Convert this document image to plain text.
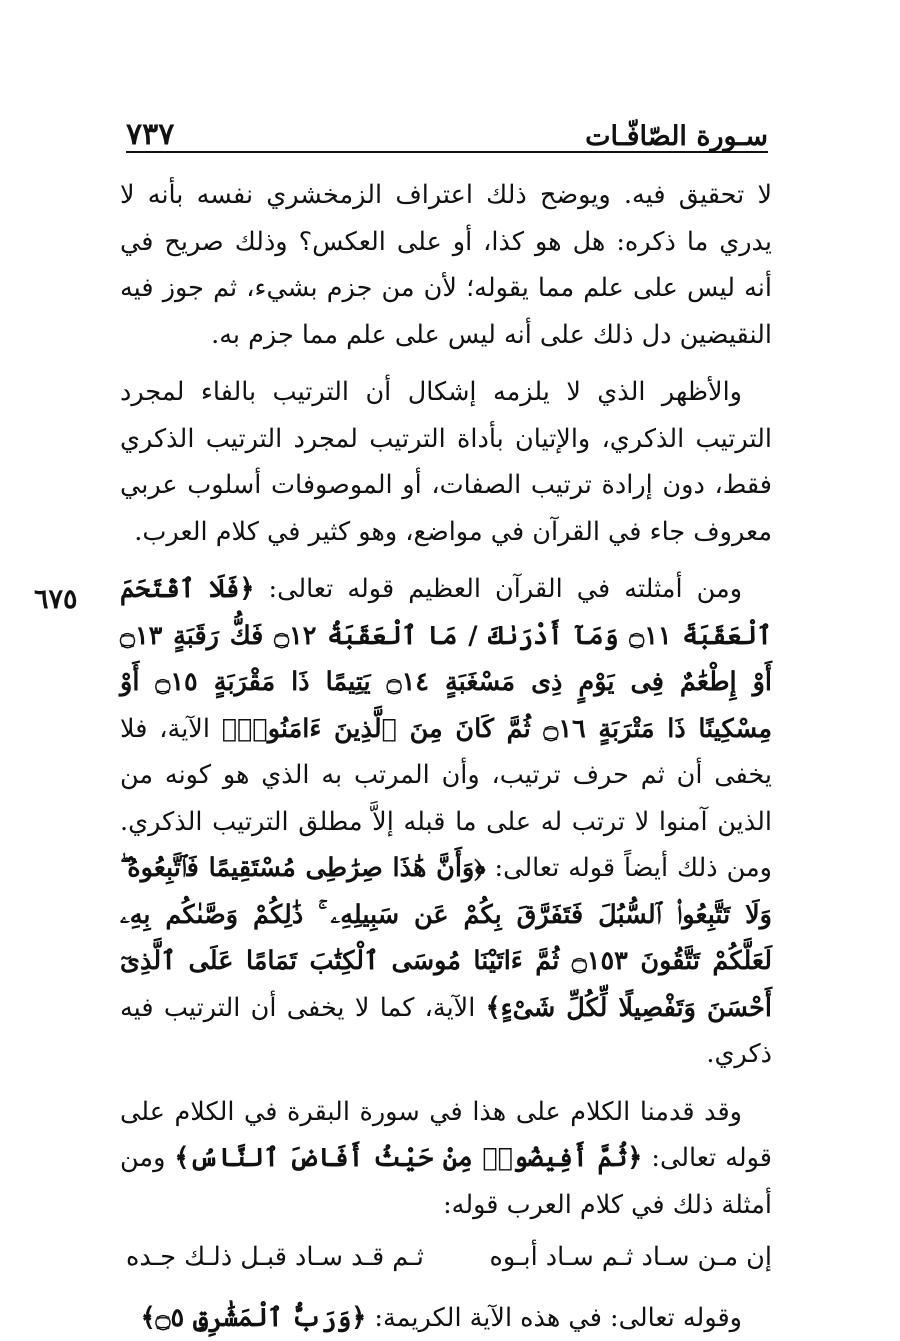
سـورة الصّافّـات
٧٣٧
٦٧٥

لا تحقيق فيه. ويوضح ذلك اعتراف الزمخشري نفسه بأنه لا يدري ما ذكره: هل هو كذا، أو على العكس؟ وذلك صريح في أنه ليس على علم مما يقوله؛ لأن من جزم بشيء، ثم جوز فيه النقيضين دل ذلك على أنه ليس على علم مما جزم به.

والأظهر الذي لا يلزمه إشكال أن الترتيب بالفاء لمجرد الترتيب الذكري، والإتيان بأداة الترتيب لمجرد الترتيب الذكري فقط، دون إرادة ترتيب الصفات، أو الموصوفات أسلوب عربي معروف جاء في القرآن في مواضع، وهو كثير في كلام العرب.

ومن أمثلته في القرآن العظيم قوله تعالى: ﴿فَلَا ٱقْتَحَمَ ٱلْعَقَبَةَ ۝١١ وَمَآ أَدْرَىٰكَ / مَا ٱلْعَقَبَةُ ۝١٢ فَكُّ رَقَبَةٍ ۝١٣ أَوْ إِطْعَٰمٌ فِى يَوْمٍ ذِى مَسْغَبَةٍ ۝١٤ يَتِيمًا ذَا مَقْرَبَةٍ ۝١٥ أَوْ مِسْكِينًا ذَا مَتْرَبَةٍ ۝١٦ ثُمَّ كَانَ مِنَ ٱلَّذِينَ ءَامَنُوا۟﴾ الآية، فلا يخفى أن ثم حرف ترتيب، وأن المرتب به الذي هو كونه من الذين آمنوا لا ترتب له على ما قبله إلاَّ مطلق الترتيب الذكري. ومن ذلك أيضاً قوله تعالى: ﴿وَأَنَّ هَٰذَا صِرَٰطِى مُسْتَقِيمًا فَٱتَّبِعُوهُ ۖ وَلَا تَتَّبِعُوا۟ ٱلسُّبُلَ فَتَفَرَّقَ بِكُمْ عَن سَبِيلِهِۦ ۚ ذَٰلِكُمْ وَصَّىٰكُم بِهِۦ لَعَلَّكُمْ تَتَّقُونَ ۝١٥٣ ثُمَّ ءَاتَيْنَا مُوسَى ٱلْكِتَٰبَ تَمَامًا عَلَى ٱلَّذِىٓ أَحْسَنَ وَتَفْصِيلًا لِّكُلِّ شَىْءٍ﴾ الآية، كما لا يخفى أن الترتيب فيه ذكري.

وقد قدمنا الكلام على هذا في سورة البقرة في الكلام على قوله تعالى: ﴿ثُمَّ أَفِيضُوا۟ مِنْ حَيْثُ أَفَاضَ ٱلنَّاسُ﴾ ومن أمثلة ذلك في كلام العرب قوله:

إن مـن سـاد ثـم سـاد أبـوه
ثـم قـد سـاد قبـل ذلـك جـده

وقوله تعالى: في هذه الآية الكريمة: ﴿وَرَبُّ ٱلْمَشَٰرِقِ ۝٥﴾
